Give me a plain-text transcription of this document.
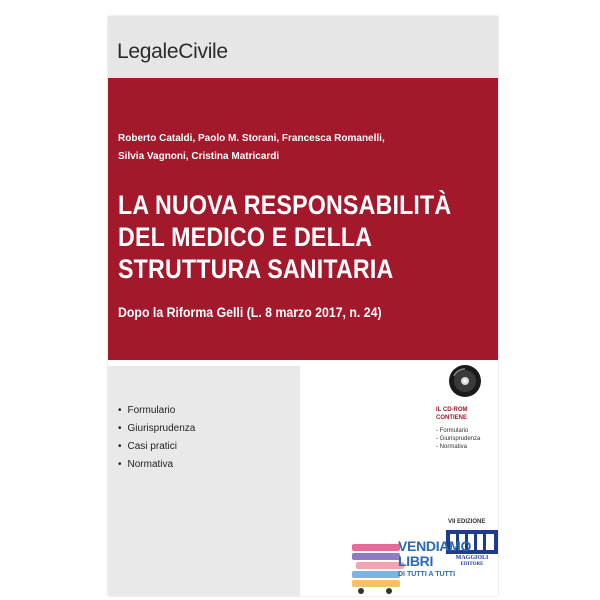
LegaleCivile
Roberto Cataldi, Paolo M. Storani, Francesca Romanelli,
Silvia Vagnoni, Cristina Matricardi
LA NUOVA RESPONSABILITÀ
DEL MEDICO E DELLA
STRUTTURA SANITARIA
Dopo la Riforma Gelli (L. 8 marzo 2017, n. 24)
• Formulario
• Giurisprudenza
• Casi pratici
• Normativa
IL CD-ROM
CONTIENE
- Formulario
- Giurisprudenza
- Normativa
VII EDIZIONE
MAGGIOLI
EDITORE
VENDIAMO
LIBRI
DI TUTTI A TUTTI
